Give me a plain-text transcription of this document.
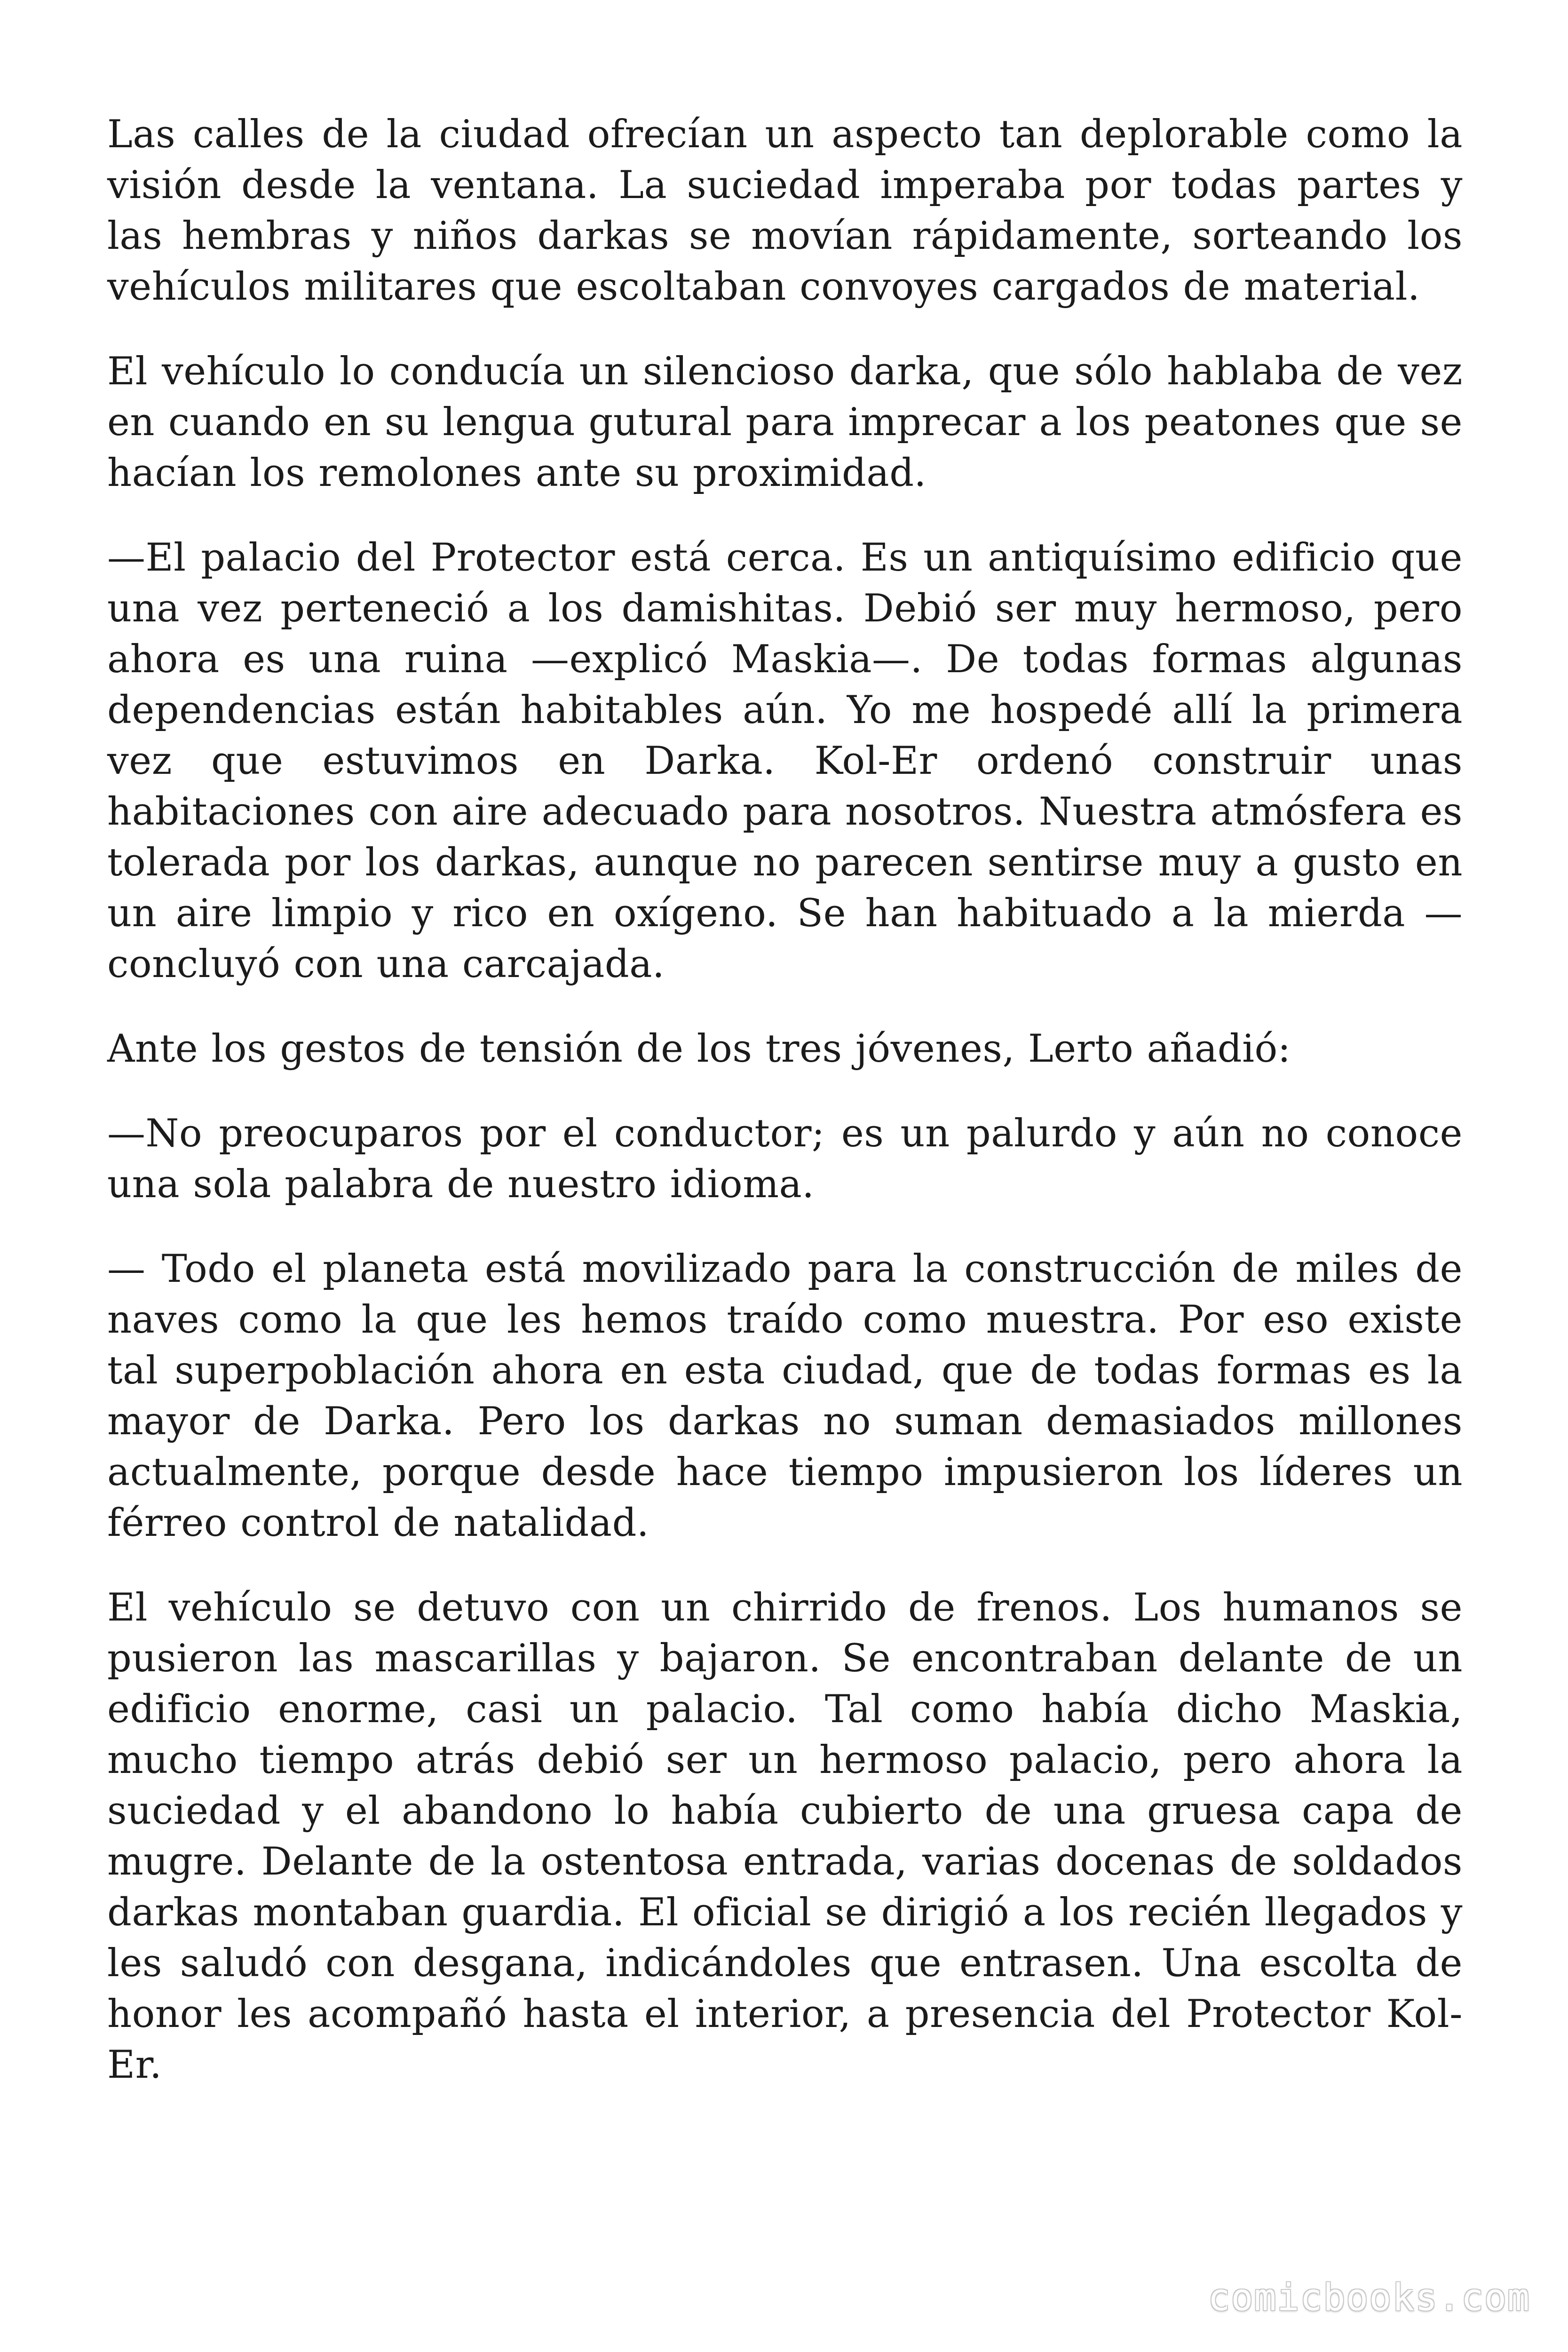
Las calles de la ciudad ofrecían un aspecto tan deplorable como la visión desde la ventana. La suciedad imperaba por todas partes y las hembras y niños darkas se movían rápidamente, sorteando los vehículos militares que escoltaban convoyes cargados de material.

El vehículo lo conducía un silencioso darka, que sólo hablaba de vez en cuando en su lengua gutural para imprecar a los peatones que se hacían los remolones ante su proximidad.

—El palacio del Protector está cerca. Es un antiquísimo edificio que una vez perteneció a los damishitas. Debió ser muy hermoso, pero ahora es una ruina —explicó Maskia—. De todas formas algunas dependencias están habitables aún. Yo me hospedé allí la primera vez que estuvimos en Darka. Kol-Er ordenó construir unas habitaciones con aire adecuado para nosotros. Nuestra atmósfera es tolerada por los darkas, aunque no parecen sentirse muy a gusto en un aire limpio y rico en oxígeno. Se han habituado a la mierda —concluyó con una carcajada.

Ante los gestos de tensión de los tres jóvenes, Lerto añadió:

—No preocuparos por el conductor; es un palurdo y aún no conoce una sola palabra de nuestro idioma.

— Todo el planeta está movilizado para la construcción de miles de naves como la que les hemos traído como muestra. Por eso existe tal superpoblación ahora en esta ciudad, que de todas formas es la mayor de Darka. Pero los darkas no suman demasiados millones actualmente, porque desde hace tiempo impusieron los líderes un férreo control de natalidad.

El vehículo se detuvo con un chirrido de frenos. Los humanos se pusieron las mascarillas y bajaron. Se encontraban delante de un edificio enorme, casi un palacio. Tal como había dicho Maskia, mucho tiempo atrás debió ser un hermoso palacio, pero ahora la suciedad y el abandono lo había cubierto de una gruesa capa de mugre. Delante de la ostentosa entrada, varias docenas de soldados darkas montaban guardia. El oficial se dirigió a los recién llegados y les saludó con desgana, indicándoles que entrasen. Una escolta de honor les acompañó hasta el interior, a presencia del Protector Kol-Er.

comicbooks.com
